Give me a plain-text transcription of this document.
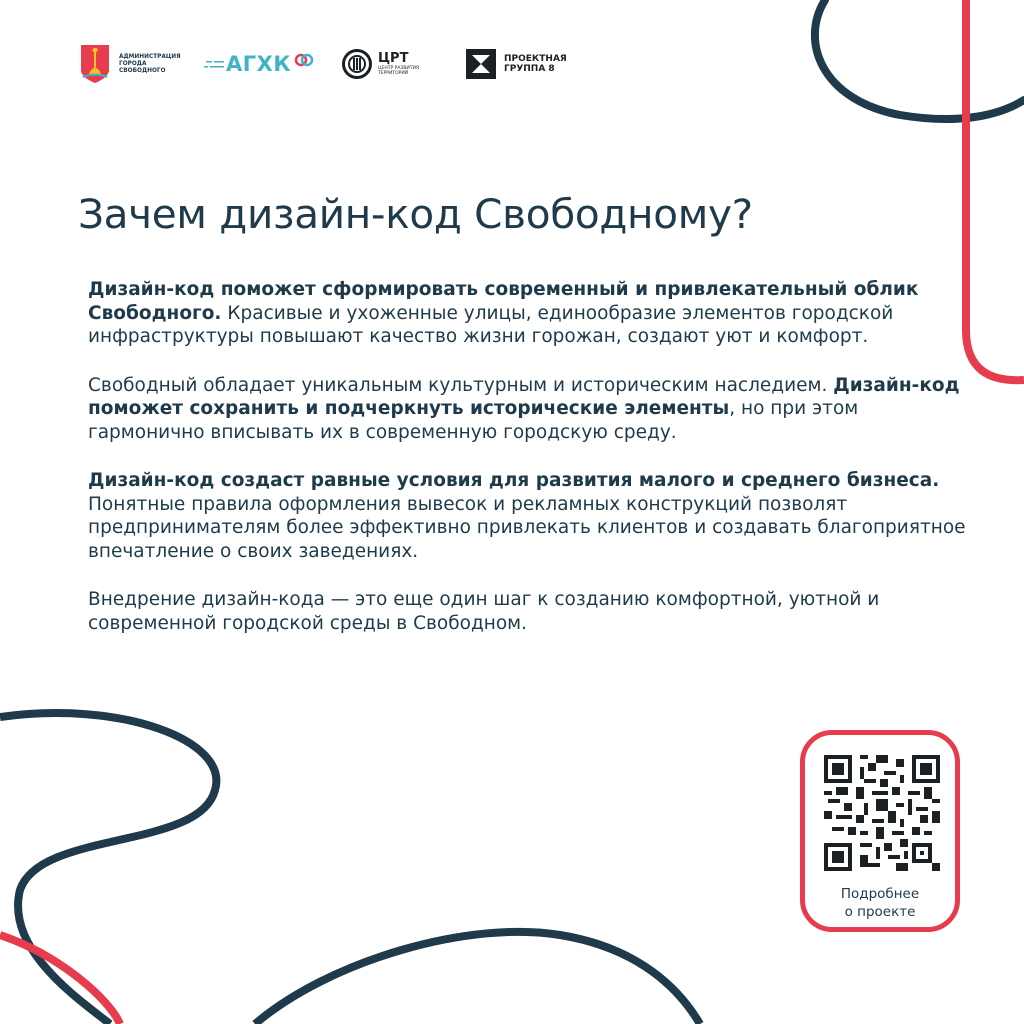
АДМИНИСТРАЦИЯ ГОРОДА СВОБОДНОГО	АГХК	ЦРТ
ЦЕНТР РАЗВИТИЯ ТЕРРИТОРИЙ
ПРОЕКТНАЯ ГРУППА 8
Зачем дизайн-код Свободному?

Дизайн-код поможет сформировать современный и привлекательный облик Свободного. Красивые и ухоженные улицы, единообразие элементов городской инфраструктуры повышают качество жизни горожан, создают уют и комфорт.

Свободный обладает уникальным культурным и историческим наследием. Дизайн-код поможет сохранить и подчеркнуть исторические элементы, но при этом гармонично вписывать их в современную городскую среду.

Дизайн-код создаст равные условия для развития малого и среднего бизнеса. Понятные правила оформления вывесок и рекламных конструкций позволят предпринимателям более эффективно привлекать клиентов и создавать благоприятное впечатление о своих заведениях.

Внедрение дизайн-кода — это еще один шаг к созданию комфортной, уютной и современной городской среды в Свободном.

Подробнее
о проекте
